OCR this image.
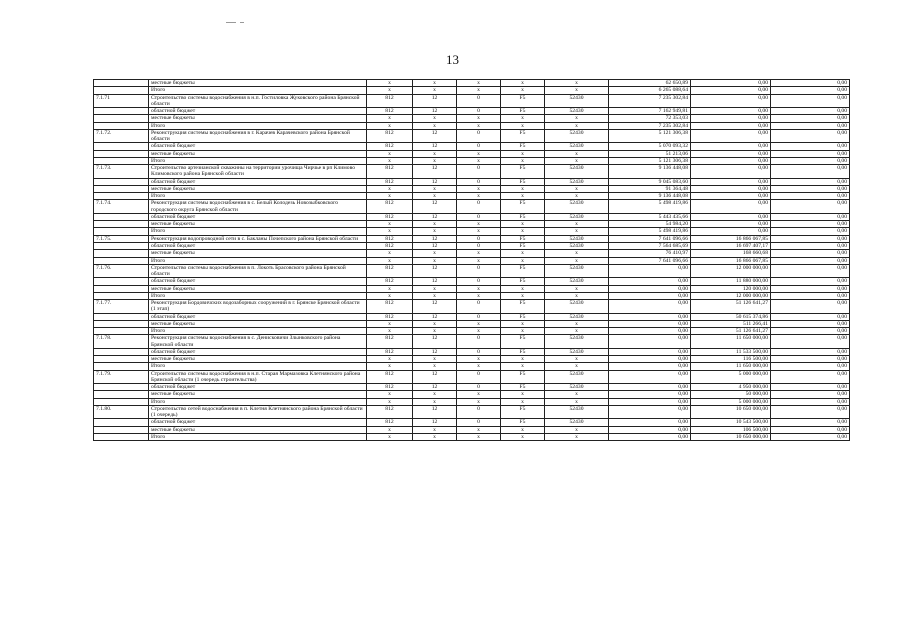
13
	местные бюджеты	x	x	x	x	x	62 650,89	0,00	0,00
	Итого	x	x	x	x	x	6 265 088,64	0,00	0,00
7.1.71	Строительство системы водоснабжения в н.п. Гостиловка Жуковского района Брянской области	812	12	0	F5	52430	7 235 302,84	0,00	0,00
	областной бюджет	812	12	0	F5	52430	7 162 949,81	0,00	0,00
	местные бюджеты	x	x	x	x	x	72 353,03	0,00	0,00
	Итого	x	x	x	x	x	7 235 302,84	0,00	0,00
7.1.72.	Реконструкция системы водоснабжения в г. Карачев Карачевского района Брянской области	812	12	0	F5	52430	5 121 306,38	0,00	0,00
	областной бюджет	812	12	0	F5	52430	5 070 093,32	0,00	0,00
	местные бюджеты	x	x	x	x	x	51 213,06	0,00	0,00
	Итого	x	x	x	x	x	5 121 306,38	0,00	0,00
7.1.73.	Строительство артезианской скважины на территории урочища Чирчье в рп Климово Климовского района Брянской области	812	12	0	F5	52430	9 136 448,08	0,00	0,00
	областной бюджет	812	12	0	F5	52430	9 045 083,60	0,00	0,00
	местные бюджеты	x	x	x	x	x	91 364,48	0,00	0,00
	Итого	x	x	x	x	x	9 136 448,08	0,00	0,00
7.1.74.	Реконструкция системы водоснабжения в с. Белый Колодезь Новозыбковского городского округа Брянской области	812	12	0	F5	52430	5 498 419,86	0,00	0,00
	областной бюджет	812	12	0	F5	52430	5 443 435,66	0,00	0,00
	местные бюджеты	x	x	x	x	x	54 984,20	0,00	0,00
	Итого	x	x	x	x	x	5 498 419,86	0,00	0,00
7.1.75.	Реконструкция водопроводной сети в с. Бакланы Почепского района Брянской области	812	12	0	F5	52430	7 641 096,66	16 866 067,85	0,00
	областной бюджет	812	12	0	F5	52430	7 564 685,69	16 697 407,17	0,00
	местные бюджеты	x	x	x	x	x	76 410,97	168 660,68	0,00
	Итого	x	x	x	x	x	7 641 096,66	16 866 067,85	0,00
7.1.76.	Строительство системы водоснабжения в п. Локоть Брасовского района Брянской области	812	12	0	F5	52430	0,00	12 000 000,00	0,00
	областной бюджет	812	12	0	F5	52430	0,00	11 880 000,00	0,00
	местные бюджеты	x	x	x	x	x	0,00	120 000,00	0,00
	Итого	x	x	x	x	x	0,00	12 000 000,00	0,00
7.1.77.	Реконструкция Бордовичских водозаборных сооружений в г. Брянске Брянской области (1 этап)	812	12	0	F5	52430	0,00	51 126 641,27	0,00
	областной бюджет	812	12	0	F5	52430	0,00	50 615 374,86	0,00
	местные бюджеты	x	x	x	x	x	0,00	511 266,41	0,00
	Итого	x	x	x	x	x	0,00	51 126 641,27	0,00
7.1.78.	Реконструкция системы водоснабжения в с. Денисковичи Злынковского района Брянской области	812	12	0	F5	52430	0,00	11 650 000,00	0,00
	областной бюджет	812	12	0	F5	52430	0,00	11 533 500,00	0,00
	местные бюджеты	x	x	x	x	x	0,00	116 500,00	0,00
	Итого	x	x	x	x	x	0,00	11 650 000,00	0,00
7.1.79.	Строительство системы водоснабжения в н.п. Старая Мармазовка Клетнянского района Брянской области (1 очередь строительства)	812	12	0	F5	52430	0,00	5 000 000,00	0,00
	областной бюджет	812	12	0	F5	52430	0,00	4 950 000,00	0,00
	местные бюджеты	x	x	x	x	x	0,00	50 000,00	0,00
	Итого	x	x	x	x	x	0,00	5 000 000,00	0,00
7.1.80.	Строительство сетей водоснабжения в п. Клетня Клетнянского района Брянской области (1 очередь)	812	12	0	F5	52430	0,00	10 650 000,00	0,00
	областной бюджет	812	12	0	F5	52430	0,00	10 543 500,00	0,00
	местные бюджеты	x	x	x	x	x	0,00	106 500,00	0,00
	Итого	x	x	x	x	x	0,00	10 650 000,00	0,00
